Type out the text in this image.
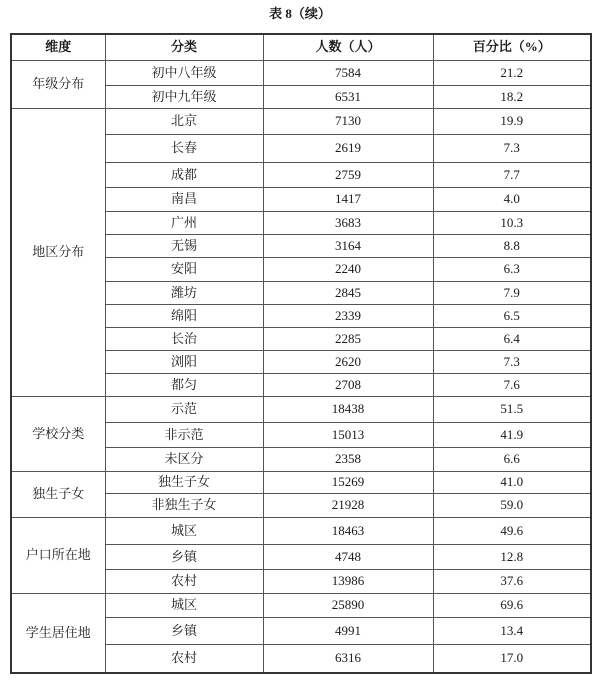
表 8（续）
维度	分类	人数（人）	百分比（%）
年级分布	初中八年级	7584	21.2
	初中九年级	6531	18.2
地区分布	北京	7130	19.9
	长春	2619	7.3
	成都	2759	7.7
	南昌	1417	4.0
	广州	3683	10.3
	无锡	3164	8.8
	安阳	2240	6.3
	潍坊	2845	7.9
	绵阳	2339	6.5
	长治	2285	6.4
	浏阳	2620	7.3
	都匀	2708	7.6
学校分类	示范	18438	51.5
	非示范	15013	41.9
	未区分	2358	6.6
独生子女	独生子女	15269	41.0
	非独生子女	21928	59.0
户口所在地	城区	18463	49.6
	乡镇	4748	12.8
	农村	13986	37.6
学生居住地	城区	25890	69.6
	乡镇	4991	13.4
	农村	6316	17.0
